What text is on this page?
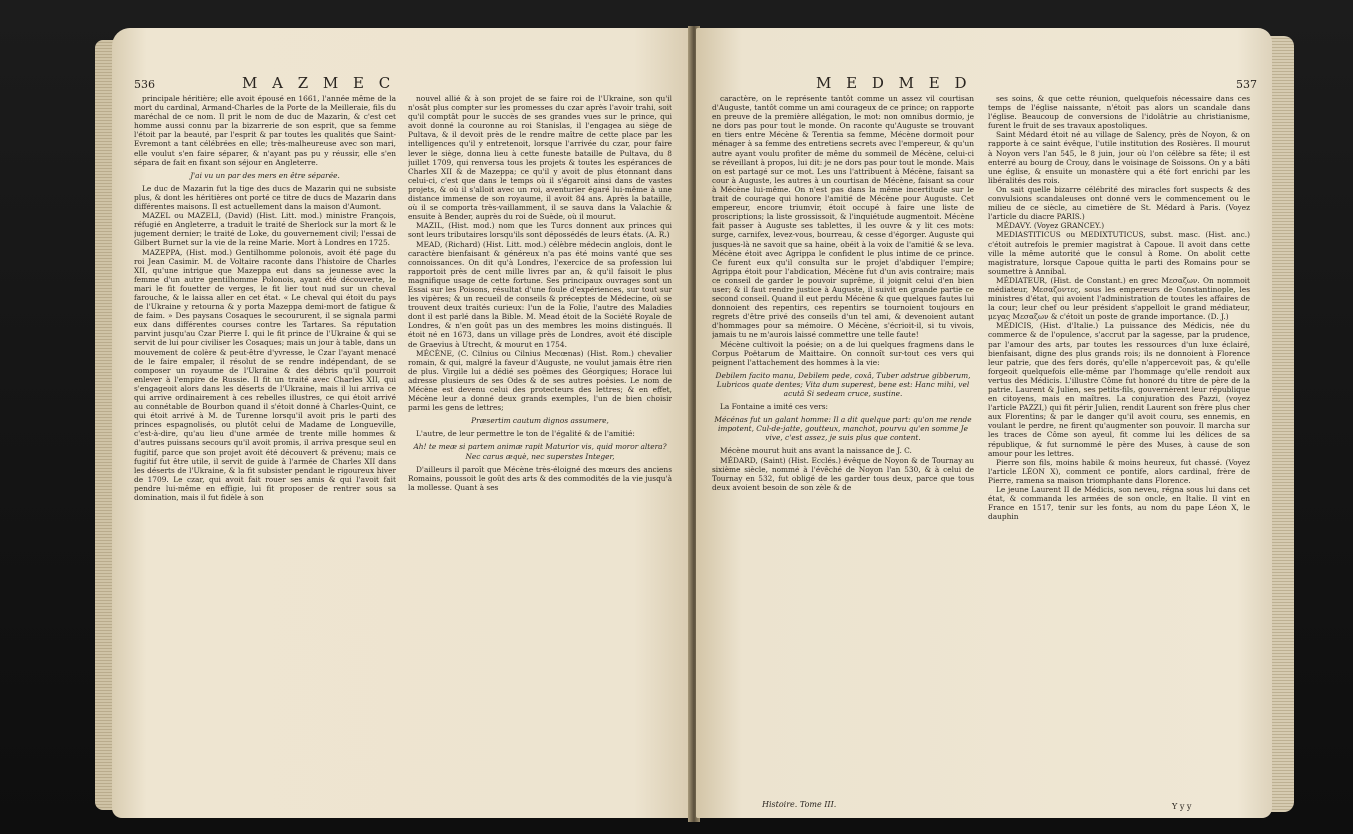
536	M A Z M E C

principale héritière; elle avoit épousé en 1661, l'année même de la mort du cardinal, Armand-Charles de la Porte de la Meilleraie, fils du maréchal de ce nom. Il prit le nom de duc de Mazarin, & c'est cet homme aussi connu par la bizarrerie de son esprit, que sa femme l'étoit par la beauté, par l'esprit & par toutes les qualités que Saint-Evremont a tant célébrées en elle; très-malheureuse avec son mari, elle voulut s'en faire séparer, & n'ayant pas pu y réussir, elle s'en sépara de fait en fixant son séjour en Angleterre.

J'ai vu un par des mers en être séparée.

Le duc de Mazarin fut la tige des ducs de Mazarin qui ne subsiste plus, & dont les héritières ont porté ce titre de ducs de Mazarin dans différentes maisons. Il est actuellement dans la maison d'Aumont.

MAZEL ou MAZELI, (David) (Hist. Litt. mod.) ministre François, réfugié en Angleterre, a traduit le traité de Sherlock sur la mort & le jugement dernier; le traité de Loke, du gouvernement civil; l'essai de Gilbert Burnet sur la vie de la reine Marie. Mort à Londres en 1725.

MAZEPPA, (Hist. mod.) Gentilhomme polonois, avoit été page du roi Jean Casimir. M. de Voltaire raconte dans l'histoire de Charles XII, qu'une intrigue que Mazeppa eut dans sa jeunesse avec la femme d'un autre gentilhomme Polonois, ayant été découverte, le mari le fit fouetter de verges, le fit lier tout nud sur un cheval farouche, & le laissa aller en cet état. « Le cheval qui étoit du pays de l'Ukraine y retourna & y porta Mazeppa demi-mort de fatigue & de faim. » Des paysans Cosaques le secoururent, il se signala parmi eux dans différentes courses contre les Tartares. Sa réputation parvint jusqu'au Czar Pierre I. qui le fit prince de l'Ukraine & qui se servit de lui pour civiliser les Cosaques; mais un jour à table, dans un mouvement de colère & peut-être d'yvresse, le Czar l'ayant menacé de le faire empaler, il résolut de se rendre indépendant, de se composer un royaume de l'Ukraine & des débris qu'il pourroit enlever à l'empire de Russie. Il fit un traité avec Charles XII, qui s'engageoit alors dans les déserts de l'Ukraine, mais il lui arriva ce qui arrive ordinairement à ces rebelles illustres, ce qui étoit arrivé au connétable de Bourbon quand il s'étoit donné à Charles-Quint, ce qui étoit arrivé à M. de Turenne lorsqu'il avoit pris le parti des princes espagnolisés, ou plutôt celui de Madame de Longueville, c'est-à-dire, qu'au lieu d'une armée de trente mille hommes & d'autres puissans secours qu'il avoit promis, il arriva presque seul en fugitif, parce que son projet avoit été découvert & prévenu; mais ce fugitif fut être utile, il servit de guide à l'armée de Charles XII dans les déserts de l'Ukraine, & la fit subsister pendant le rigoureux hiver de 1709. Le czar, qui avoit fait rouer ses amis & qui l'avoit fait pendre lui-même en effigie, lui fit proposer de rentrer sous sa domination, mais il fut fidèle à son

nouvel allié & à son projet de se faire roi de l'Ukraine, son qu'il n'osât plus compter sur les promesses du czar après l'avoir trahi, soit qu'il comptât pour le succès de ses grandes vues sur le prince, qui avoit donné la couronne au roi Stanislas, il l'engagea au siège de Pultava, & il devoit près de le rendre maître de cette place par les intelligences qu'il y entretenoit, lorsque l'arrivée du czar, pour faire lever le siège, donna lieu à cette funeste bataille de Pultava, du 8 juillet 1709, qui renversa tous les projets & toutes les espérances de Charles XII & de Mazeppa; ce qu'il y avoit de plus étonnant dans celui-ci, c'est que dans le temps où il s'égaroit ainsi dans de vastes projets, & où il s'alloit avec un roi, aventurier égaré lui-même à une distance immense de son royaume, il avoit 84 ans. Après la bataille, où il se comporta très-vaillamment, il se sauva dans la Valachie & ensuite à Bender, auprès du roi de Suède, où il mourut.

MAZIL, (Hist. mod.) nom que les Turcs donnent aux princes qui sont leurs tributaires lorsqu'ils sont dépossédés de leurs états. (A. R.)

MEAD, (Richard) (Hist. Litt. mod.) célèbre médecin anglois, dont le caractère bienfaisant & généreux n'a pas été moins vanté que ses connoissances. On dit qu'à Londres, l'exercice de sa profession lui rapportoit près de cent mille livres par an, & qu'il faisoit le plus magnifique usage de cette fortune. Ses principaux ouvrages sont un Essai sur les Poisons, résultat d'une foule d'expériences, sur tout sur les vipères; & un recueil de conseils & préceptes de Médecine, où se trouvent deux traités curieux: l'un de la Folie, l'autre des Maladies dont il est parlé dans la Bible. M. Mead étoit de la Société Royale de Londres, & n'en goût pas un des membres les moins distingués. Il étoit né en 1673, dans un village près de Londres, avoit été disciple de Graevius à Utrecht, & mourut en 1754.

MÉCÈNE, (C. Cilnius ou Cilnius Mecœnas) (Hist. Rom.) chevalier romain, & qui, malgré la faveur d'Auguste, ne voulut jamais être rien de plus. Virgile lui a dédié ses poëmes des Géorgiques; Horace lui adresse plusieurs de ses Odes & de ses autres poésies. Le nom de Mécène est devenu celui des protecteurs des lettres; & en effet, Mécène leur a donné deux grands exemples, l'un de bien choisir parmi les gens de lettres;

Præsertim cautum dignos assumere,

L'autre, de leur permettre le ton de l'égalité & de l'amitié:

Ah! te meæ si partem animæ rapit Maturior vis, quid moror altera? Nec carus æquè, nec superstes Integer,

D'ailleurs il paroît que Mécène très-éloigné des mœurs des anciens Romains, poussoit le goût des arts & des commodités de la vie jusqu'à la mollesse. Quant à ses

537
M E D M E D

caractère, on le représente tantôt comme un assez vil courtisan d'Auguste, tantôt comme un ami courageux de ce prince; on rapporte en preuve de la première allégation, le mot: non omnibus dormio, je ne dors pas pour tout le monde. On raconte qu'Auguste se trouvant en tiers entre Mécène & Terentia sa femme, Mécène dormoit pour ménager à sa femme des entretiens secrets avec l'empereur, & qu'un autre ayant voulu profiter de même du sommeil de Mécène, celui-ci se réveillant à propos, lui dit: je ne dors pas pour tout le monde. Mais on est partagé sur ce mot. Les uns l'attribuent à Mécène, faisant sa cour à Auguste, les autres à un courtisan de Mécène, faisant sa cour à Mécène lui-même. On n'est pas dans la même incertitude sur le trait de courage qui honore l'amitié de Mécène pour Auguste. Cet empereur, encore triumvir, étoit occupé à faire une liste de proscriptions; la liste grossissoit, & l'inquiétude augmentoit. Mécène fait passer à Auguste ses tablettes, il les ouvre & y lit ces mots: surge, carnifex, levez-vous, bourreau, & cesse d'égorger. Auguste qui jusques-là ne savoit que sa haine, obéit à la voix de l'amitié & se leva. Mécène étoit avec Agrippa le confident le plus intime de ce prince. Ce furent eux qu'il consulta sur le projet d'abdiquer l'empire; Agrippa étoit pour l'abdication, Mécène fut d'un avis contraire; mais ce conseil de garder le pouvoir suprême, il joignit celui d'en bien user; & il faut rendre justice à Auguste, il suivit en grande partie ce second conseil. Quand il eut perdu Mécène & que quelques fautes lui donnoient des repentirs, ces repentirs se tournoient toujours en regrets d'être privé des conseils d'un tel ami, & devenoient autant d'hommages pour sa mémoire. O Mécène, s'écrioit-il, si tu vivois, jamais tu ne m'aurois laissé commettre une telle faute!

Mécène cultivoit la poésie; on a de lui quelques fragmens dans le Corpus Poëtarum de Maittaire. On connoît sur-tout ces vers qui peignent l'attachement des hommes à la vie:

Debilem facito manu, Debilem pede, coxâ, Tuber adstrue gibberum, Lubricos quate dentes; Vita dum superest, bene est: Hanc mihi, vel acutâ Si sedeam cruce, sustine.

La Fontaine a imité ces vers:

Mécénas fut un galant homme: Il a dit quelque part: qu'on me rende impotent, Cul-de-jatte, goutteux, manchot, pourvu qu'en somme Je vive, c'est assez, je suis plus que content.

Mécène mourut huit ans avant la naissance de J. C.

MÉDARD, (Saint) (Hist. Ecclés.) évêque de Noyon & de Tournay au sixième siècle, nommé à l'évêché de Noyon l'an 530, & à celui de Tournay en 532, fut obligé de les garder tous deux, parce que tous deux avoient besoin de son zèle & de

ses soins, & que cette réunion, quelquefois nécessaire dans ces temps de l'église naissante, n'étoit pas alors un scandale dans l'église. Beaucoup de conversions de l'idolâtrie au christianisme, furent le fruit de ses travaux apostoliques.

Saint Médard étoit né au village de Salency, près de Noyon, & on rapporte à ce saint évêque, l'utile institution des Rosières. Il mourut à Noyon vers l'an 545, le 8 juin, jour où l'on célèbre sa fête; il est enterré au bourg de Crouy, dans le voisinage de Soissons. On y a bâti une église, & ensuite un monastère qui a été fort enrichi par les libéralités des rois.

On sait quelle bizarre célébrité des miracles fort suspects & des convulsions scandaleuses ont donné vers le commencement ou le milieu de ce siècle, au cimetière de St. Médard à Paris. (Voyez l'article du diacre PARIS.)

MÉDAVY. (Voyez GRANCEY.)

MEDIASTITICUS ou MEDIXTUTICUS, subst. masc. (Hist. anc.) c'étoit autrefois le premier magistrat à Capoue. Il avoit dans cette ville la même autorité que le consul à Rome. On abolit cette magistrature, lorsque Capoue quitta le parti des Romains pour se soumettre à Annibal.

MÉDIATEUR, (Hist. de Constant.) en grec Μεσαζων. On nommoit médiateur, Μεσαζοντες, sous les empereurs de Constantinople, les ministres d'état, qui avoient l'administration de toutes les affaires de la cour; leur chef ou leur président s'appelloit le grand médiateur, μεγας Μεσαζων & c'étoit un poste de grande importance. (D. J.)

MÉDICIS, (Hist. d'Italie.) La puissance des Médicis, née du commerce & de l'opulence, s'accrut par la sagesse, par la prudence, par l'amour des arts, par toutes les ressources d'un luxe éclairé, bienfaisant, digne des plus grands rois; ils ne donnoient à Florence leur patrie, que des fers dorés, qu'elle n'appercevoit pas, & qu'elle forgeoit quelquefois elle-même par l'hommage qu'elle rendoit aux vertus des Médicis. L'illustre Côme fut honoré du titre de père de la patrie. Laurent & Julien, ses petits-fils, gouvernèrent leur république en citoyens, mais en maîtres. La conjuration des Pazzi, (voyez l'article PAZZI,) qui fit périr Julien, rendit Laurent son frère plus cher aux Florentins; & par le danger qu'il avoit couru, ses ennemis, en voulant le perdre, ne firent qu'augmenter son pouvoir. Il marcha sur les traces de Côme son ayeul, fit comme lui les délices de sa république, & fut surnommé le père des Muses, à cause de son amour pour les lettres.

Pierre son fils, moins habile & moins heureux, fut chassé. (Voyez l'article LÉON X), comment ce pontife, alors cardinal, frère de Pierre, ramena sa maison triomphante dans Florence.

Le jeune Laurent II de Médicis, son neveu, régna sous lui dans cet état, & commanda les armées de son oncle, en Italie. Il vint en France en 1517, tenir sur les fonts, au nom du pape Léon X, le dauphin

Histoire. Tome III.	Y y y
